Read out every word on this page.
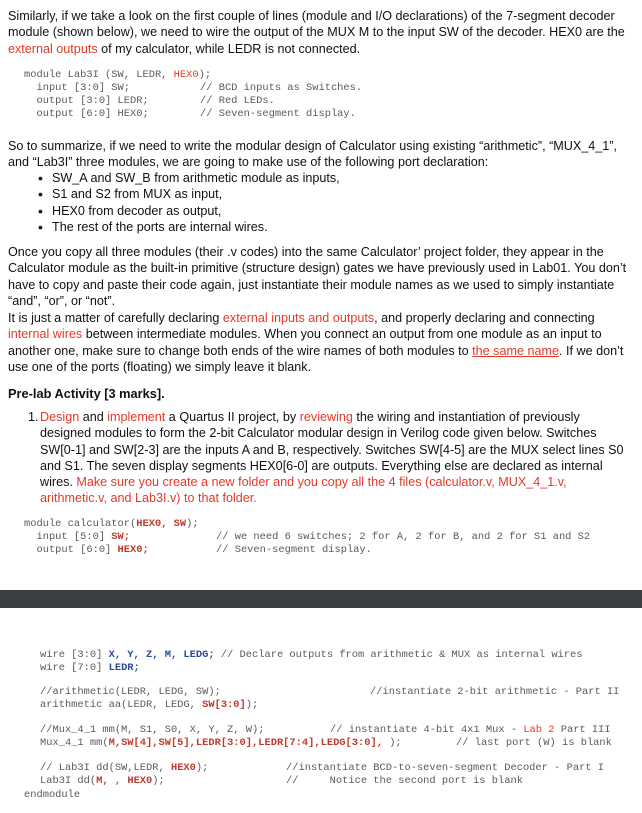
Similarly, if we take a look on the first couple of lines (module and I/O declarations) of the 7-segment decoder module (shown below), we need to wire the output of the MUX M to the input SW of the decoder. HEX0 are the external outputs of my calculator, while LEDR is not connected.

module Lab3I (SW, LEDR, HEX0);
input [3:0] SW;	// BCD inputs as Switches.
output [3:0] LEDR;	// Red LEDs.
output [6:0] HEX0;	// Seven-segment display.

So to summarize, if we need to write the modular design of Calculator using existing “arithmetic”, “MUX_4_1”, and “Lab3I” three modules, we are going to make use of the following port declaration:

• SW_A and SW_B from arithmetic module as inputs,
• S1 and S2 from MUX as input,
• HEX0 from decoder as output,
• The rest of the ports are internal wires.

Once you copy all three modules (their .v codes) into the same Calculator’ project folder, they appear in the Calculator module as the built-in primitive (structure design) gates we have previously used in Lab01. You don’t have to copy and paste their code again, just instantiate their module names as we used to simply instantiate “and”, “or”, or “not”.

It is just a matter of carefully declaring external inputs and outputs, and properly declaring and connecting internal wires between intermediate modules. When you connect an output from one module as an input to another one, make sure to change both ends of the wire names of both modules to the same name. If we don’t use one of the ports (floating) we simply leave it blank.

Pre-lab Activity [3 marks].
1. Design and implement a Quartus II project, by reviewing the wiring and instantiation of previously designed modules to form the 2-bit Calculator modular design in Verilog code given below. Switches SW[0-1] and SW[2-3] are the inputs A and B, respectively. Switches SW[4-5] are the MUX select lines S0 and S1. The seven display segments HEX0[6-0] are outputs. Everything else are declared as internal wires. Make sure you create a new folder and you copy all the 4 files (calculator.v, MUX_4_1.v, arithmetic.v, and Lab3I.v) to that folder.
module calculator(HEX0, SW);
input [5:0] SW;	// we need 6 switches; 2 for A, 2 for B, and 2 for S1 and S2
output [6:0] HEX0;	// Seven-segment display.
wire [3:0] X, Y, Z, M, LEDG; // Declare outputs from arithmetic & MUX as internal wires
wire [7:0] LEDR;
//arithmetic(LEDR, LEDG, SW);	//instantiate 2-bit arithmetic - Part II
arithmetic aa(LEDR, LEDG, SW[3:0]);
//Mux_4_1 mm(M, S1, S0, X, Y, Z, W);	// instantiate 4-bit 4x1 Mux - Lab 2 Part III
Mux_4_1 mm(M,SW[4],SW[5],LEDR[3:0],LEDR[7:4],LEDG[3:0], );	// last port (W) is blank
// Lab3I dd(SW,LEDR, HEX0);	//instantiate BCD-to-seven-segment Decoder - Part I
Lab3I dd(M, , HEX0);	//     Notice the second port is blank
endmodule
